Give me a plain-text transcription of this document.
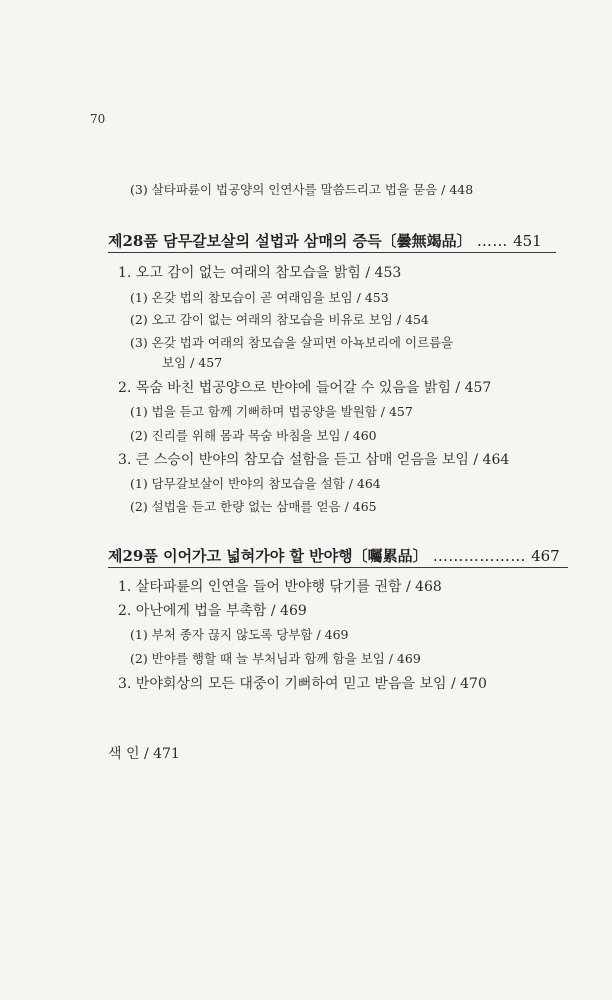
70
(3) 살타파륜이 법공양의 인연사를 말씀드리고 법을 묻음 / 448
제28품 담무갈보살의 설법과 삼매의 증득〔曇無竭品〕 …… 451
1. 오고 감이 없는 여래의 참모습을 밝힘 / 453
(1) 온갖 법의 참모습이 곧 여래임을 보임 / 453
(2) 오고 감이 없는 여래의 참모습을 비유로 보임 / 454
(3) 온갖 법과 여래의 참모습을 살피면 아뇩보리에 이르름을
보임 / 457
2. 목숨 바친 법공양으로 반야에 들어갈 수 있음을 밝힘 / 457
(1) 법을 듣고 함께 기뻐하며 법공양을 발원함 / 457
(2) 진리를 위해 몸과 목숨 바침을 보임 / 460
3. 큰 스승이 반야의 참모습 설함을 듣고 삼매 얻음을 보임 / 464
(1) 담무갈보살이 반야의 참모습을 설함 / 464
(2) 설법을 듣고 한량 없는 삼매를 얻음 / 465
제29품 이어가고 넓혀가야 할 반야행〔囑累品〕 ……………… 467
1. 살타파륜의 인연을 들어 반야행 닦기를 권함 / 468
2. 아난에게 법을 부촉함 / 469
(1) 부처 종자 끊지 않도록 당부함 / 469
(2) 반야를 행할 때 늘 부처님과 함께 함을 보임 / 469
3. 반야회상의 모든 대중이 기뻐하여 믿고 받음을 보임 / 470
색 인 / 471
